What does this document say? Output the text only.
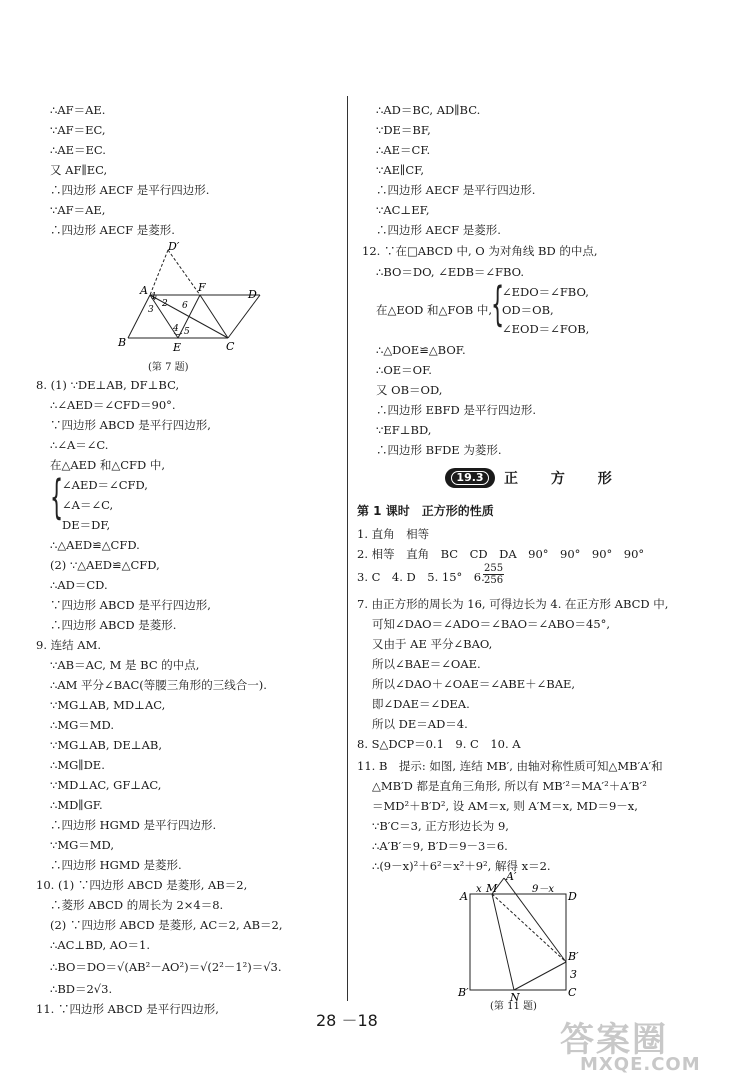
∴AF＝AE.
∵AF＝EC,
∴AE＝EC.
又 AF∥EC,
∴四边形 AECF 是平行四边形.
∵AF＝AE,
∴四边形 AECF 是菱形.
8. (1) ∵DE⊥AB, DF⊥BC,
∴∠AED＝∠CFD＝90°.
∵四边形 ABCD 是平行四边形,
∴∠A＝∠C.
在△AED 和△CFD 中,
{
∠AED＝∠CFD,
∠A＝∠C,
DE＝DF,
∴△AED≌△CFD.
(2) ∵△AED≌△CFD,
∴AD＝CD.
∵四边形 ABCD 是平行四边形,
∴四边形 ABCD 是菱形.
9. 连结 AM.
∵AB＝AC, M 是 BC 的中点,
∴AM 平分∠BAC(等腰三角形的三线合一).
∵MG⊥AB, MD⊥AC,
∴MG＝MD.
∵MG⊥AB, DE⊥AB,
∴MG∥DE.
∵MD⊥AC, GF⊥AC,
∴MD∥GF.
∴四边形 HGMD 是平行四边形.
∵MG＝MD,
∴四边形 HGMD 是菱形.
10. (1) ∵四边形 ABCD 是菱形, AB＝2,
∴菱形 ABCD 的周长为 2×4＝8.
(2) ∵四边形 ABCD 是菱形, AC＝2, AB＝2,
∴AC⊥BD, AO＝1.
∴BO＝DO＝√(AB²－AO²)＝√(2²－1²)＝√3.
∴BD＝2√3.
11. ∵四边形 ABCD 是平行四边形,
D′
A	F
D
B	E	C
1
2
3
4 5
6
(第 7 题)
∴AD＝BC, AD∥BC.
∵DE＝BF,
∴AE＝CF.
∵AE∥CF,
∴四边形 AECF 是平行四边形.
∵AC⊥EF,
∴四边形 AECF 是菱形.
12. ∵在□ABCD 中, O 为对角线 BD 的中点,
∴BO＝DO, ∠EDB＝∠FBO.
∠EDO＝∠FBO,
在△EOD 和△FOB 中,
{
OD＝OB,
∠EOD＝∠FOB,
∴△DOE≌△BOF.
∴OE＝OF.
又 OB＝OD,
∴四边形 EBFD 是平行四边形.
∵EF⊥BD,
∴四边形 BFDE 为菱形.
1. 直角　相等
2. 相等　直角　BC　CD　DA　90°　90°　90°　90°
3. C　4. D　5. 15°　6.
7. 由正方形的周长为 16, 可得边长为 4. 在正方形 ABCD 中,
可知∠DAO＝∠ADO＝∠BAO＝∠ABO＝45°,
又由于 AE 平分∠BAO,
所以∠BAE＝∠OAE.
所以∠DAO＋∠OAE＝∠ABE＋∠BAE,
即∠DAE＝∠DEA.
所以 DE＝AD＝4.
8. S△DCP＝0.1　9. C　10. A
11. B　提示: 如图, 连结 MB′, 由轴对称性质可知△MB′A′和
△MB′D 都是直角三角形, 所以有 MB′²＝MA′²＋A′B′²
＝MD²＋B′D², 设 AM＝x, 则 A′M＝x, MD＝9－x,
∵B′C＝3, 正方形边长为 9,
∴A′B′＝9, B′D＝9－3＝6.
∴(9－x)²＋6²＝x²＋9², 解得 x＝2.
A
x M
A′
9－x
D
B′
3
B′	N	C
(第 11 题)
19.3	正 方 形
第 1 课时　正方形的性质
$\frac{255}{256}$
28 －18	答案圈
MXQE.COM
